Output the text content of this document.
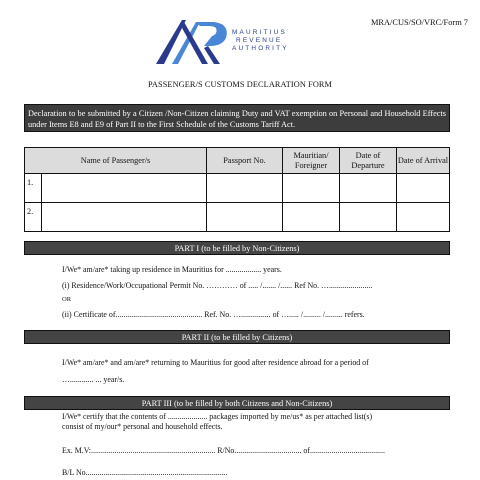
MAURITIUS
REVENUE
AUTHORITY
MRA/CUS/SO/VRC/Form 7
PASSENGER/S CUSTOMS DECLARATION FORM
Declaration to be submitted by a Citizen /Non-Citizen claiming Duty and VAT exemption on Personal and Household Effects under Items E8 and E9 of Part II to the First Schedule of the Customs Tariff Act.
Name of Passenger/s		Passport No.	Mauritian/ Foreigner	Date of Departure	Date of Arrival
1.					
2.					
PART I (to be filled by Non-Citizens)
I/We* am/are* taking up residence in Mauritius for .................. years.
(i) Residence/Work/Occupational Permit No. ………… of ..... /....... /...... Ref No. …......................
OR
(ii) Certificate of............................................ Ref. No. …............... of …..... /......... /......... refers.
PART II (to be filled by Citizens)
I/We* am/are* and am/are* returning to Mauritius for good after residence abroad for a period of
…............ ... year/s.
PART III (to be filled by both Citizens and Non-Citizens)
I/We* certify that the contents of .................... packages imported by me/us* as per attached list(s)
consist of my/our* personal and household effects.
Ex. M.V:............................................................... R/No.................................. of......................................
B/L No........................................................................
